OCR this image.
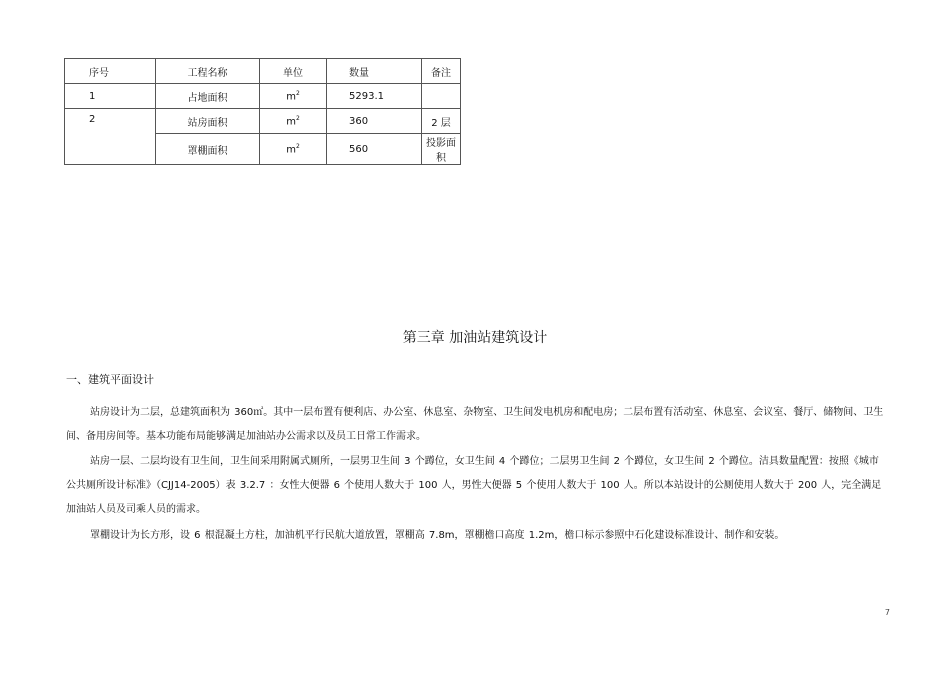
序号	工程名称	单位	数量	备注
1	占地面积	$m^2$	5293.1	
2	站房面积	$m^2$	360	2 层
	罩棚面积	$m^2$	560	投影面积
第三章 加油站建筑设计
一、建筑平面设计

站房设计为二层，总建筑面积为 360㎡。其中一层布置有便利店、办公室、休息室、杂物室、卫生间发电机房和配电房；二层布置有活动室、休息室、会议室、餐厅、储物间、卫生间、备用房间等。基本功能布局能够满足加油站办公需求以及员工日常工作需求。

站房一层、二层均设有卫生间，卫生间采用附属式厕所，一层男卫生间 3 个蹲位，女卫生间 4 个蹲位；二层男卫生间 2 个蹲位，女卫生间 2 个蹲位。洁具数量配置：按照《城市公共厕所设计标准》（CJJ14-2005）表 3.2.7 ：女性大便器 6 个使用人数大于 100 人，男性大便器 5 个使用人数大于 100 人。所以本站设计的公厕使用人数大于 200 人，完全满足加油站人员及司乘人员的需求。

罩棚设计为长方形，设 6 根混凝土方柱，加油机平行民航大道放置，罩棚高 7.8m，罩棚檐口高度 1.2m，檐口标示参照中石化建设标准设计、制作和安装。

7
